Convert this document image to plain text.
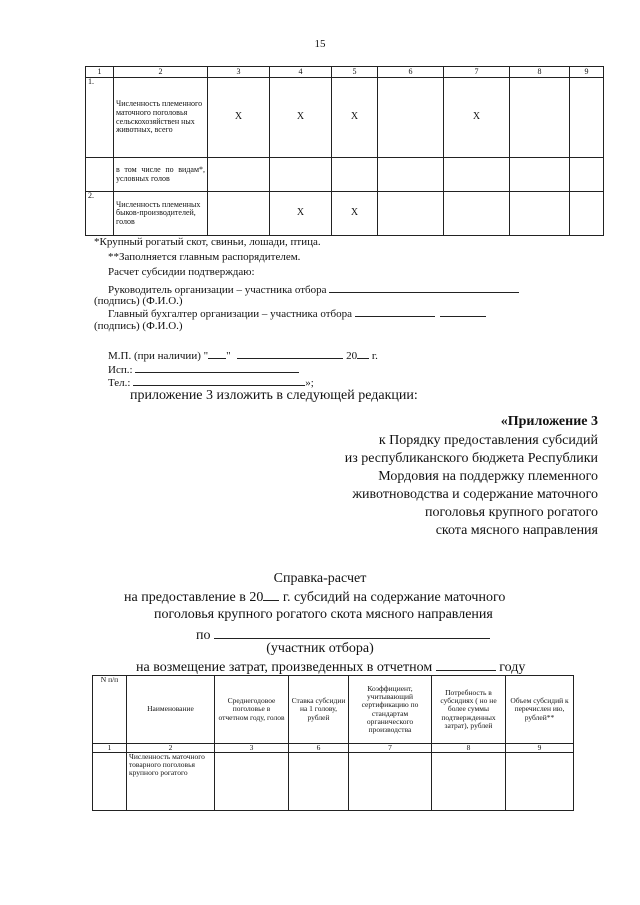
15
1	2	3	4	5	6	7	8	9
1.	Численность племенного маточного поголовья сельскохозяйствен ных животных, всего	X	X	X		X		
	в том числе по видам*, условных голов							
2.	Численность племенных быков-производителей, голов		X	X				
*Крупный рогатый скот, свиньи, лошади, птица.
**Заполняется главным распорядителем.
Расчет субсидии подтверждаю:
Руководитель организации – участника отбора
(подпись) (Ф.И.О.)
Главный бухгалтер организации – участника отбора
(подпись) (Ф.И.О.)
М.П. (при наличии) " "	20 г.
Исп.:
Тел.:	»;
приложение 3 изложить в следующей редакции:
«Приложение 3
к Порядку предоставления субсидий
из республиканского бюджета Республики
Мордовия на поддержку племенного
животноводства и содержание маточного
поголовья крупного рогатого
скота мясного направления
Справка-расчет
на предоставление в 20 г. субсидий на содержание маточного
поголовья крупного рогатого скота мясного направления
по
(участник отбора)
на возмещение затрат, произведенных в отчетном	году
N п/п	Наименование	Среднегодовое поголовье в отчетном году, голов	Ставка субсидии на 1 голову, рублей	Коэффициент, учитывающий сертификацию по стандартам органического производства	Потребность в субсидиях ( но не более суммы подтвержденных затрат), рублей	Объем субсидий к перечислен ию, рублей**
1	2	3	6	7	8	9
	Численность маточного товарного поголовья крупного рогатого					
